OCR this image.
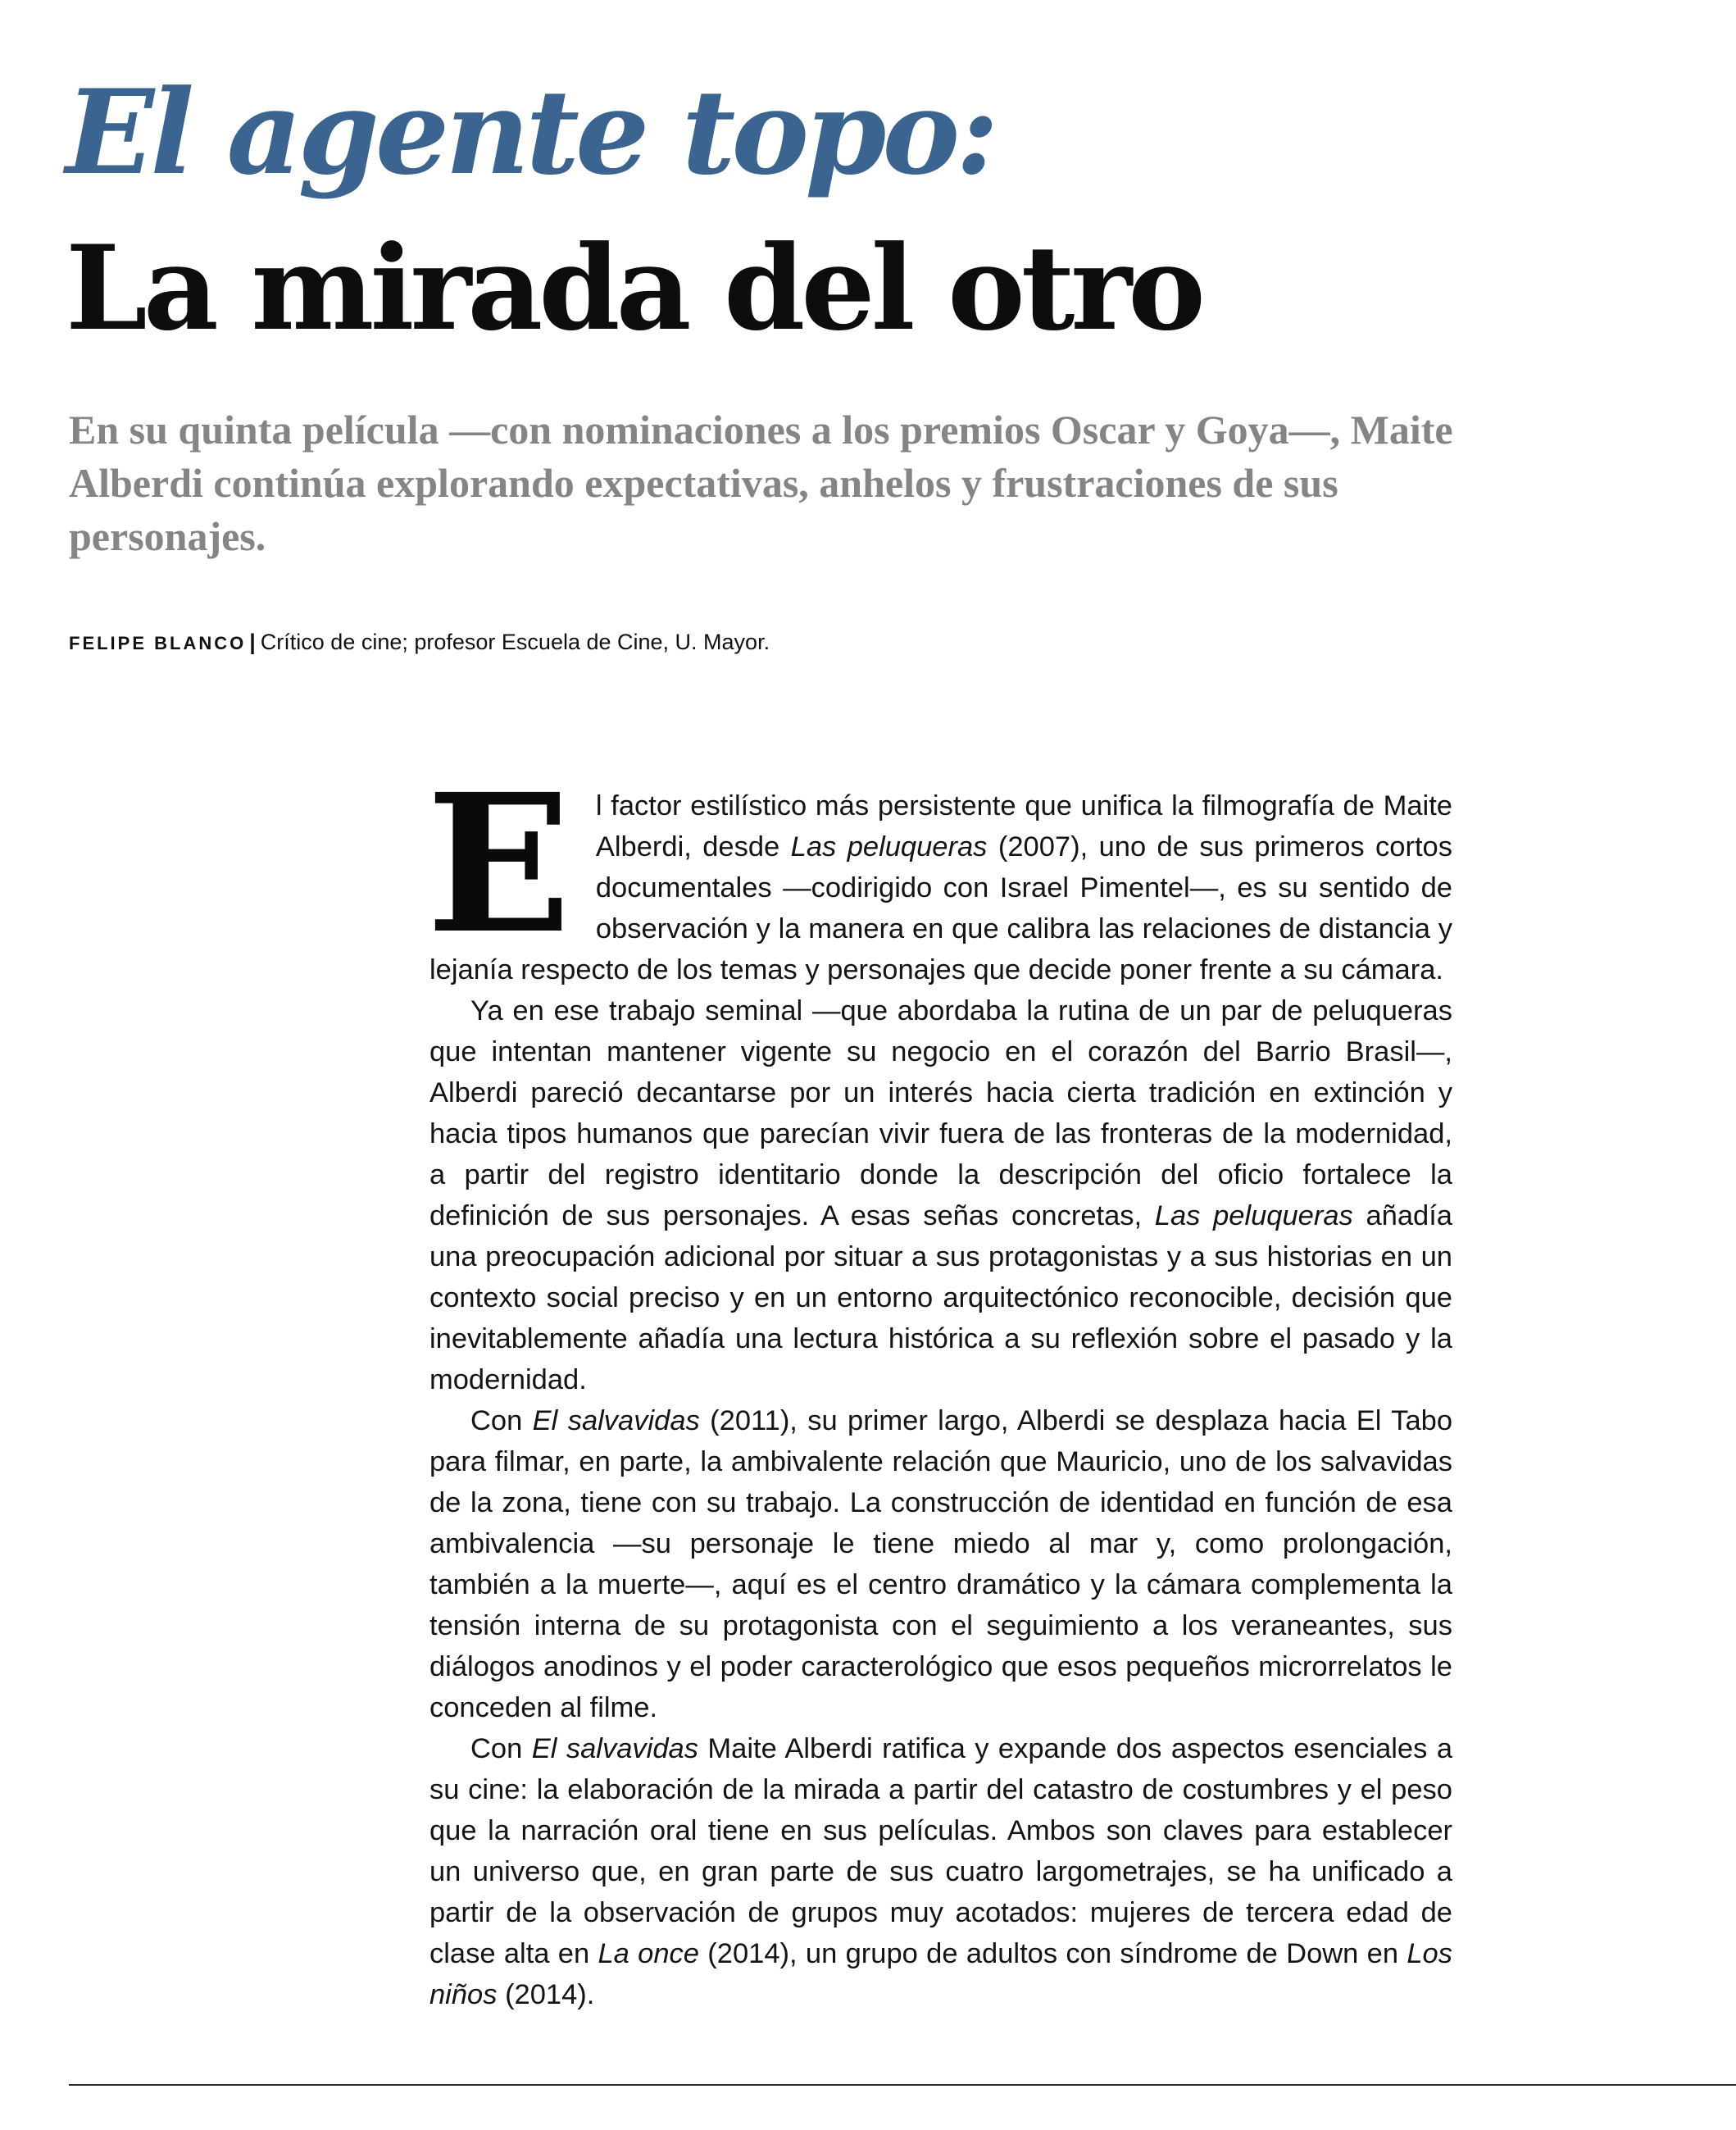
El agente topo:
La mirada del otro

En su quinta película —con nominaciones a los premios Oscar y Goya—, Maite Alberdi continúa explorando expectativas, anhelos y frustraciones de sus personajes.

FELIPE BLANCO | Crítico de cine; profesor Escuela de Cine, U. Mayor.

El factor estilístico más persistente que unifica la filmografía de Maite Alberdi, desde Las peluqueras (2007), uno de sus primeros cortos documentales —codirigido con Israel Pimentel—, es su sentido de observación y la manera en que calibra las relaciones de distancia y lejanía respecto de los temas y personajes que decide poner frente a su cámara.

Ya en ese trabajo seminal —que abordaba la rutina de un par de peluqueras que intentan mantener vigente su negocio en el corazón del Barrio Brasil—, Alberdi pareció decantarse por un interés hacia cierta tradición en extinción y hacia tipos humanos que parecían vivir fuera de las fronteras de la modernidad, a partir del registro identitario donde la descripción del oficio fortalece la definición de sus personajes. A esas señas concretas, Las peluqueras añadía una preocupación adicional por situar a sus protagonistas y a sus historias en un contexto social preciso y en un entorno arquitectónico reconocible, decisión que inevitablemente añadía una lectura histórica a su reflexión sobre el pasado y la modernidad.

Con El salvavidas (2011), su primer largo, Alberdi se desplaza hacia El Tabo para filmar, en parte, la ambivalente relación que Mauricio, uno de los salvavidas de la zona, tiene con su trabajo. La construcción de identidad en función de esa ambivalencia —su personaje le tiene miedo al mar y, como prolongación, también a la muerte—, aquí es el centro dramático y la cámara complementa la tensión interna de su protagonista con el seguimiento a los veraneantes, sus diálogos anodinos y el poder caracterológico que esos pequeños microrrelatos le conceden al filme.

Con El salvavidas Maite Alberdi ratifica y expande dos aspectos esenciales a su cine: la elaboración de la mirada a partir del catastro de costumbres y el peso que la narración oral tiene en sus películas. Ambos son claves para establecer un universo que, en gran parte de sus cuatro largometrajes, se ha unificado a partir de la observación de grupos muy acotados: mujeres de tercera edad de clase alta en La once (2014), un grupo de adultos con síndrome de Down en Los niños (2014).
